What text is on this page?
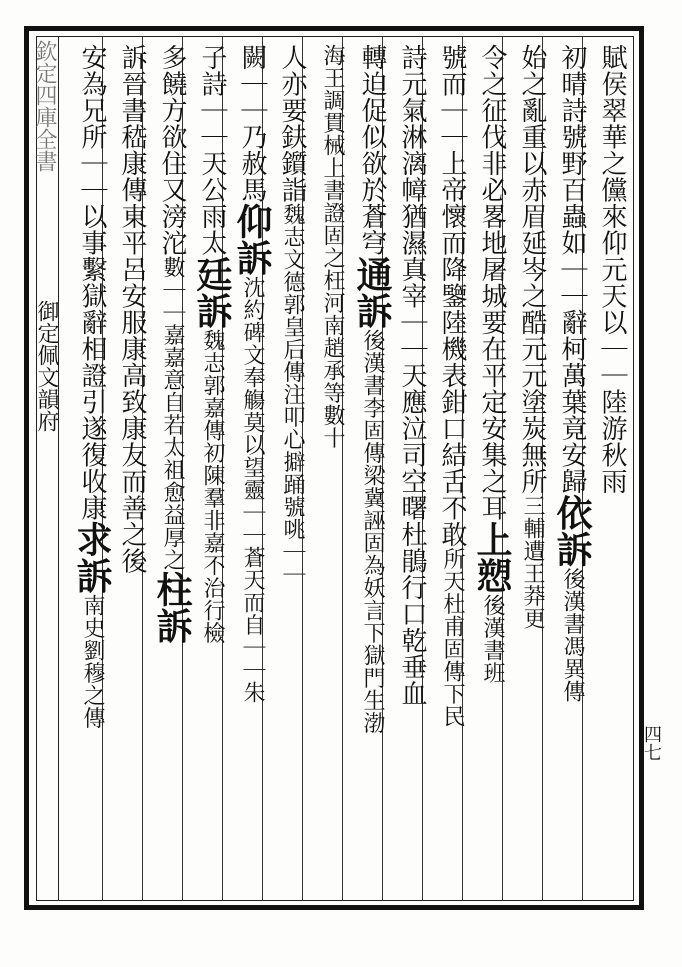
欽定四庫全書
御定佩文韻府
四七
賦侯翠華之儻來仰元天以｜｜陸游秋雨
初晴詩號野百蟲如｜｜辭柯萬葉竟安歸依訴後漢書馮異傳
始之亂重以赤眉延岑之酷元元塗炭無所三輔遭王莽更
令之征伐非必畧地屠城要在平定安集之耳上愬後漢書班
號而｜｜上帝懷而降鑒陸機表鉗口結舌不敢所天杜甫固傳下民
詩元氣淋漓幛猶濕真宰｜｜天應泣司空曙杜鵑行口乾垂血
轉迫促似欲於蒼穹通訴後漢書李固傳梁冀誣固為妖言下獄門生渤
海王調貫械上書證固之枉河南趙承等數十
人亦要鈇鑕詣魏志文德郭皇后傳注叩心擗踊號咷｜｜
闕｜｜乃赦馬仰訴沈約碑文奉觴莫以望靈｜｜蒼天而自｜｜朱
子詩｜｜天公雨太廷訴魏志郭嘉傳初陳羣非嘉不治行檢
多饒方欲住又滂沱數｜｜嘉嘉意自若太祖愈益厚之柱訴
訴晉書嵇康傳東平呂安服康高致康友而善之後
安為兄所｜｜以事繫獄辭相證引遂復收康求訴南史劉穆之傳
